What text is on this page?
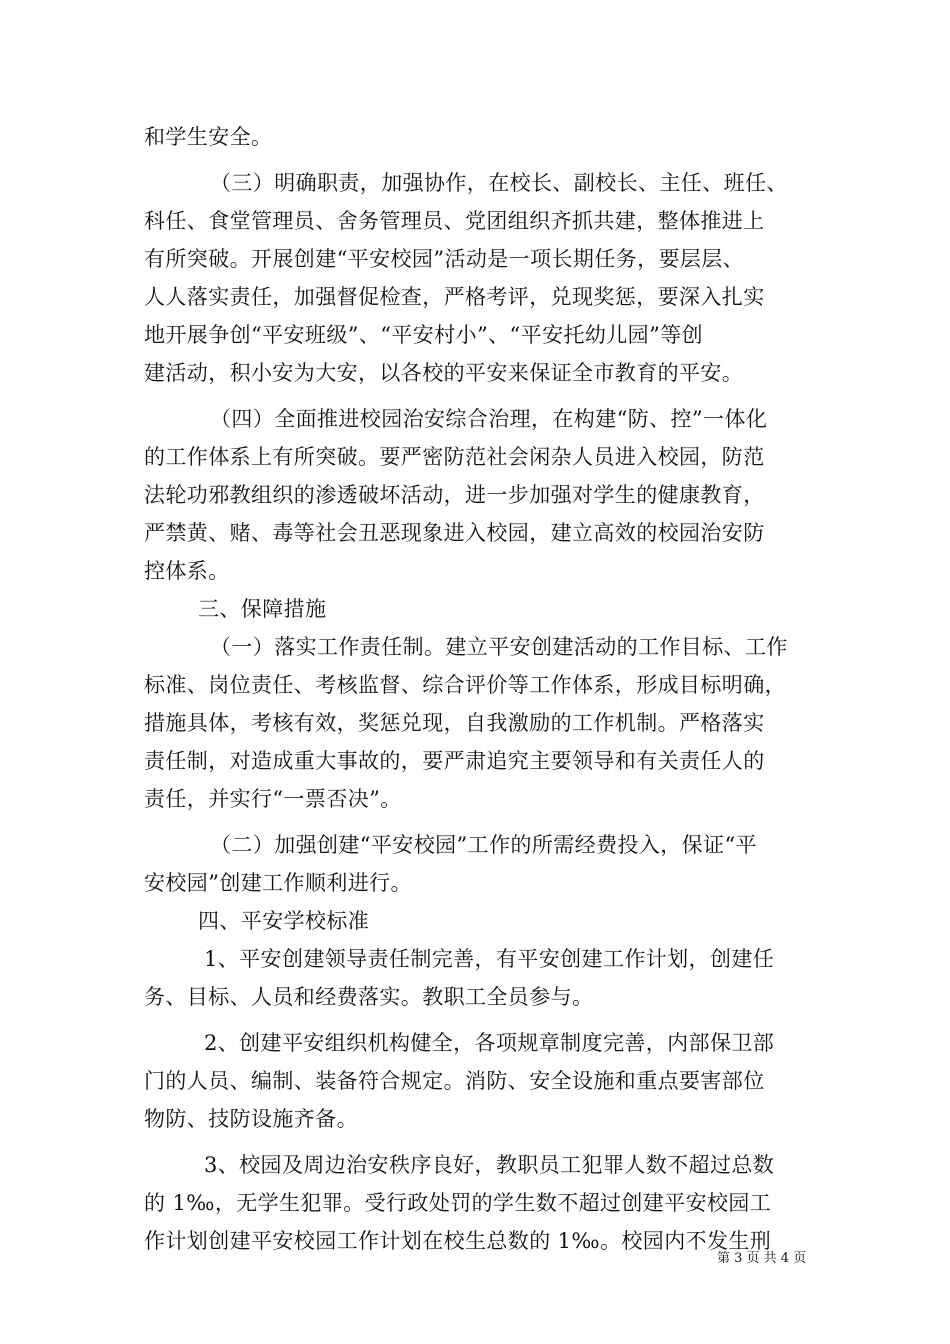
和学生安全。
（三）明确职责，加强协作，在校长、副校长、主任、班任、
科任、食堂管理员、舍务管理员、党团组织齐抓共建，整体推进上
有所突破。开展创建“平安校园”活动是一项长期任务，要层层、
人人落实责任，加强督促检查，严格考评，兑现奖惩，要深入扎实
地开展争创“平安班级”、“平安村小”、“平安托幼儿园”等创
建活动，积小安为大安，以各校的平安来保证全市教育的平安。
（四）全面推进校园治安综合治理，在构建“防、控”一体化
的工作体系上有所突破。要严密防范社会闲杂人员进入校园，防范
法轮功邪教组织的渗透破坏活动，进一步加强对学生的健康教育，
严禁黄、赌、毒等社会丑恶现象进入校园，建立高效的校园治安防
控体系。
三、保障措施
（一）落实工作责任制。建立平安创建活动的工作目标、工作
标准、岗位责任、考核监督、综合评价等工作体系，形成目标明确，
措施具体，考核有效，奖惩兑现，自我激励的工作机制。严格落实
责任制，对造成重大事故的，要严肃追究主要领导和有关责任人的
责任，并实行“一票否决”。
（二）加强创建“平安校园”工作的所需经费投入，保证“平
安校园”创建工作顺利进行。
四、平安学校标准
1、平安创建领导责任制完善，有平安创建工作计划，创建任
务、目标、人员和经费落实。教职工全员参与。
2、创建平安组织机构健全，各项规章制度完善，内部保卫部
门的人员、编制、装备符合规定。消防、安全设施和重点要害部位
物防、技防设施齐备。
3、校园及周边治安秩序良好，教职员工犯罪人数不超过总数
的 1‰，无学生犯罪。受行政处罚的学生数不超过创建平安校园工
作计划创建平安校园工作计划在校生总数的 1‰。校园内不发生刑
第 3 页 共 4 页
